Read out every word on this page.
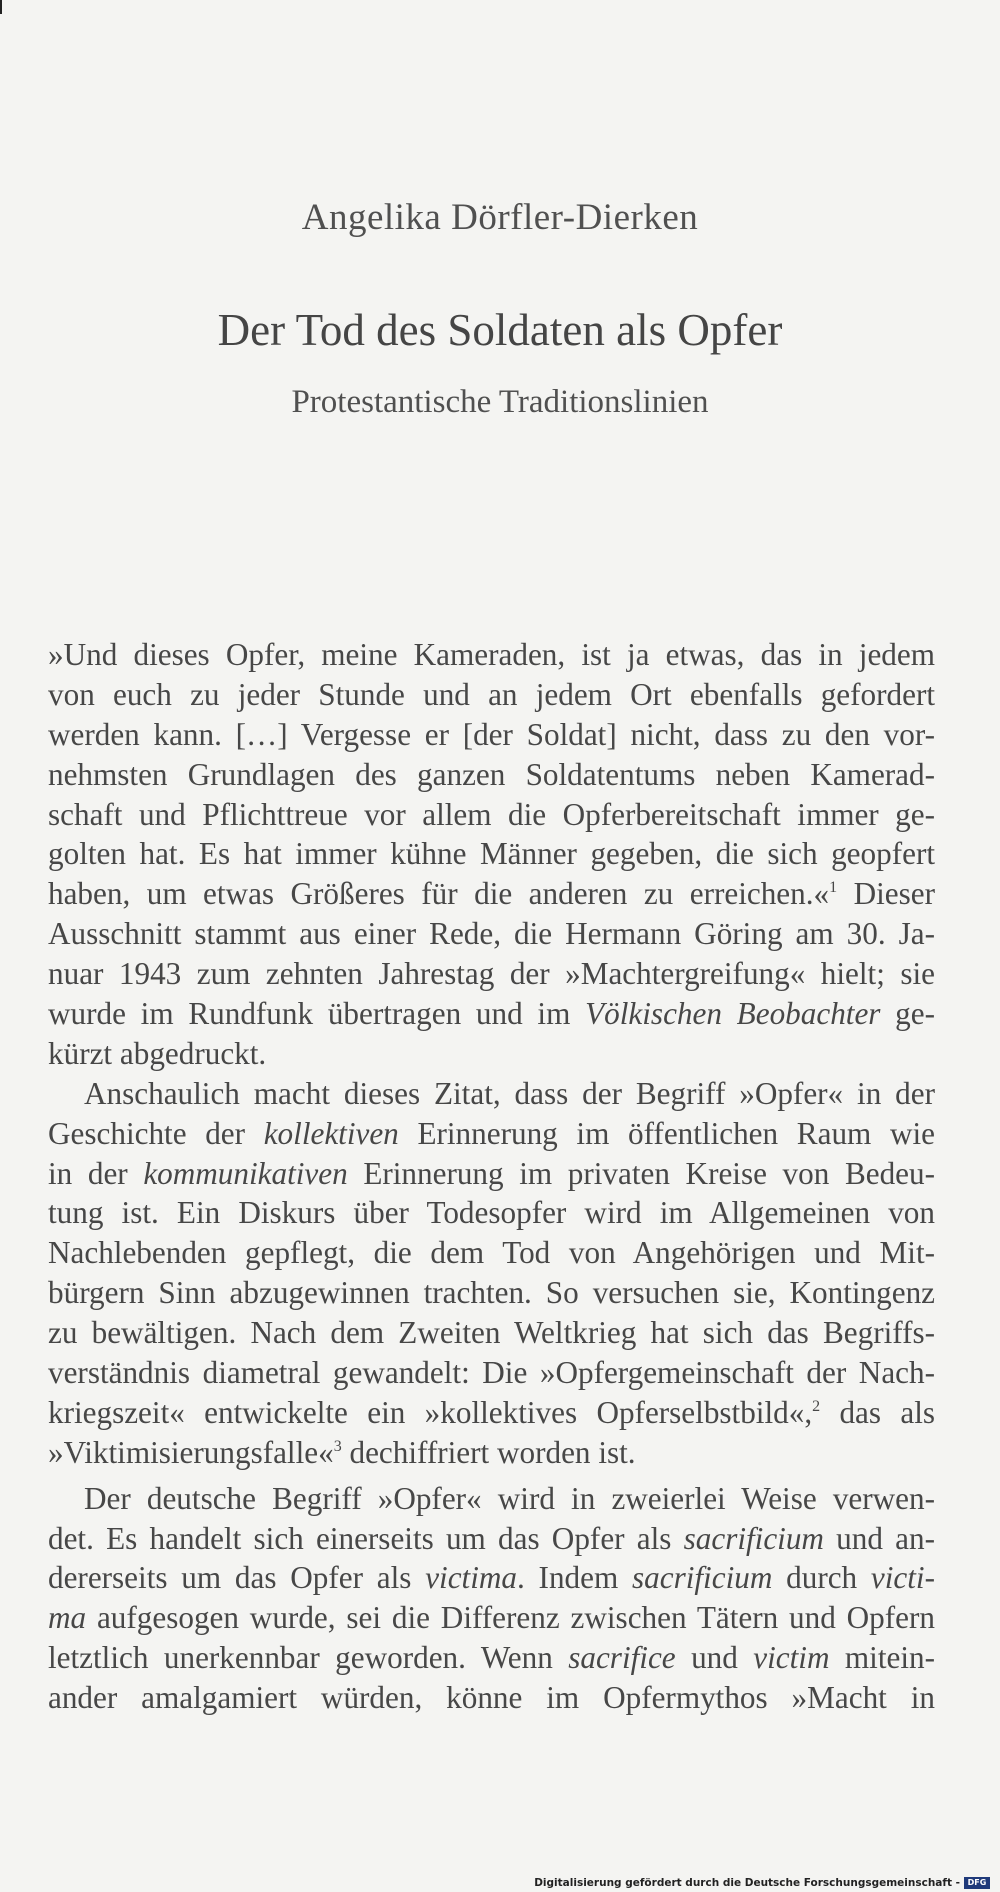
Angelika Dörfler-Dierken
Der Tod des Soldaten als Opfer
Protestantische Traditionslinien
»Und dieses Opfer, meine Kameraden, ist ja etwas, das in jedem
von euch zu jeder Stunde und an jedem Ort ebenfalls gefordert
werden kann. […] Vergesse er [der Soldat] nicht, dass zu den vor-
nehmsten Grundlagen des ganzen Soldatentums neben Kamerad-
schaft und Pflichttreue vor allem die Opferbereitschaft immer ge-
golten hat. Es hat immer kühne Männer gegeben, die sich geopfert
haben, um etwas Größeres für die anderen zu erreichen.«$^1$ Dieser
Ausschnitt stammt aus einer Rede, die Hermann Göring am 30. Ja-
nuar 1943 zum zehnten Jahrestag der »Machtergreifung« hielt; sie
wurde im Rundfunk übertragen und im Völkischen Beobachter ge-
kürzt abgedruckt.
Anschaulich macht dieses Zitat, dass der Begriff »Opfer« in der
Geschichte der kollektiven Erinnerung im öffentlichen Raum wie
in der kommunikativen Erinnerung im privaten Kreise von Bedeu-
tung ist. Ein Diskurs über Todesopfer wird im Allgemeinen von
Nachlebenden gepflegt, die dem Tod von Angehörigen und Mit-
bürgern Sinn abzugewinnen trachten. So versuchen sie, Kontingenz
zu bewältigen. Nach dem Zweiten Weltkrieg hat sich das Begriffs-
verständnis diametral gewandelt: Die »Opfergemeinschaft der Nach-
kriegszeit« entwickelte ein »kollektives Opferselbstbild«,$^2$ das als
»Viktimisierungsfalle«$^3$ dechiffriert worden ist.
Der deutsche Begriff »Opfer« wird in zweierlei Weise verwen-
det. Es handelt sich einerseits um das Opfer als sacrificium und an-
dererseits um das Opfer als victima. Indem sacrificium durch victi-
ma aufgesogen wurde, sei die Differenz zwischen Tätern und Opfern
letztlich unerkennbar geworden. Wenn sacrifice und victim mitein-
ander amalgamiert würden, könne im Opfermythos »Macht in
Digitalisierung gefördert durch die Deutsche Forschungsgemeinschaft - DFG
